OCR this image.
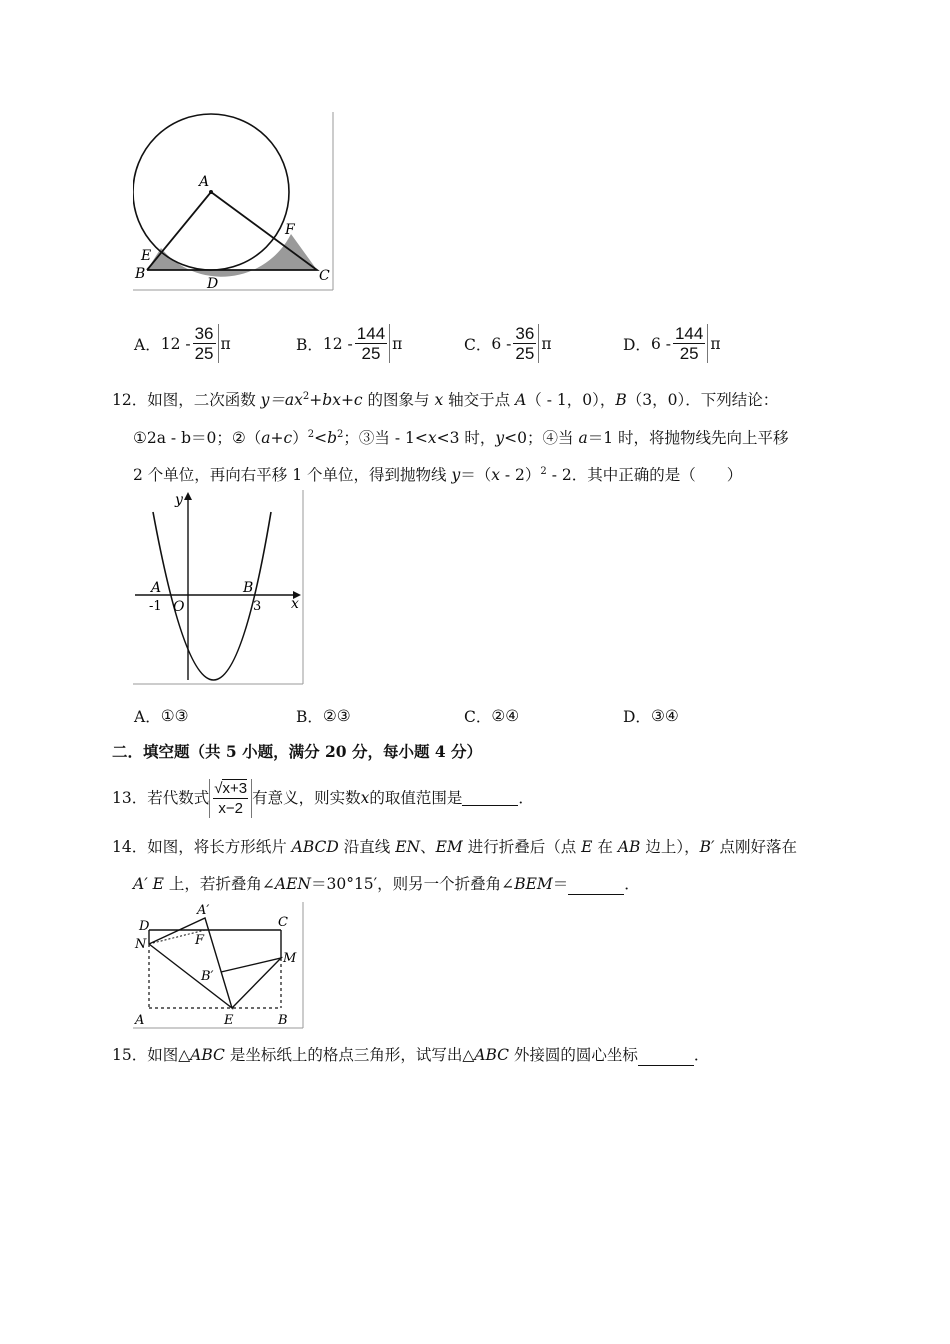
A
E
B
D
F
C
A． $12 - \frac{36}{25}$ π	B． $12 - \frac{144}{25}$ π	C． $6 - \frac{36}{25}$ π	D． $6 - \frac{144}{25}$ π
12．如图，二次函数 $y=ax^2+bx+c$ 的图象与 x 轴交于点 A（ - 1，0），B（3，0）．下列结论：
①2a - b＝0；$②(a+c)^2<b^2$；③当 - 1<x<3 时，y<0；④当 a＝1 时，将抛物线先向上平移
2 个单位，再向右平移 1 个单位，得到抛物线 y＝（x - 2）$^2$ - 2．其中正确的是（　　）
y
x
A	B
O
-1	3
A． ①③	B． ②③	C． ②④	D． ③④
二．填空题（共 5 小题，满分 20 分，每小题 4 分）
13． 若代数式 $\frac{√x+3}{x-2}$ 有意义，则实数 x 的取值范围是	．
14．如图，将长方形纸片 ABCD 沿直线 EN、EM 进行折叠后（点 E 在 AB 边上），B′ 点刚好落在
A′ E 上，若折叠角∠AEN＝30°15′，则另一个折叠角∠BEM＝	．
D
A′
C
N	F
B′
M
A	E	B
15．如图△ABC 是坐标纸上的格点三角形，试写出△ABC 外接圆的圆心坐标	．
